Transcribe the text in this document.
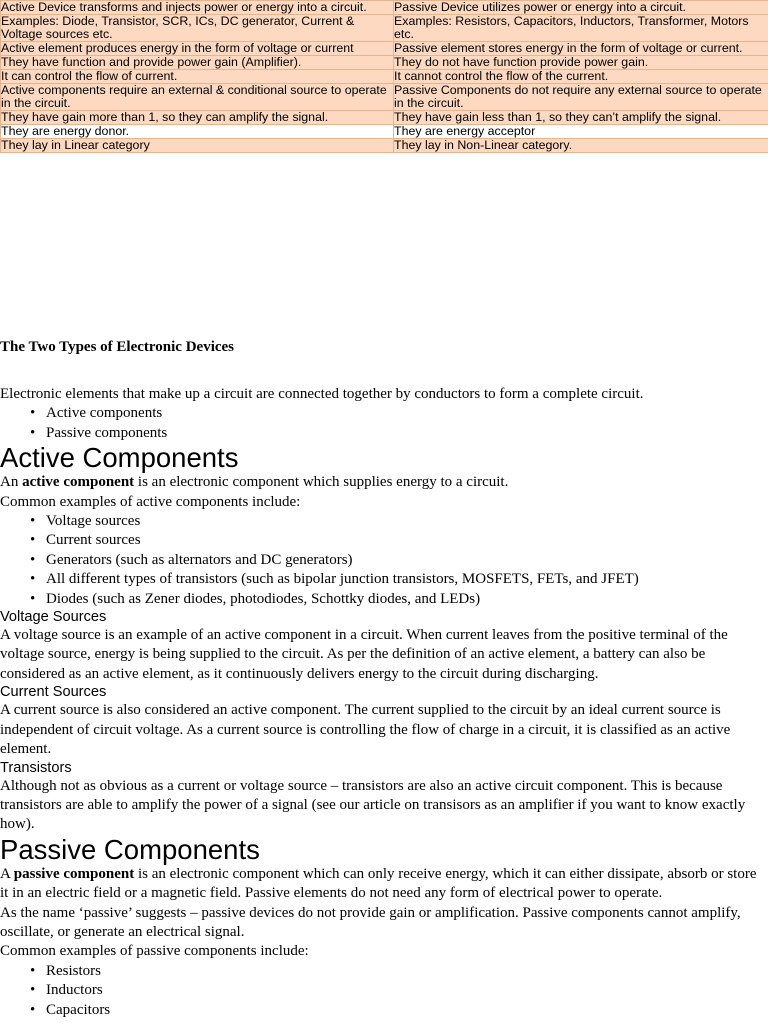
Active Device transforms and injects power or energy into a circuit.	Passive Device utilizes power or energy into a circuit.
Examples: Diode, Transistor, SCR, ICs, DC generator, Current & Voltage sources etc.	Examples: Resistors, Capacitors, Inductors, Transformer, Motors etc.
Active element produces energy in the form of voltage or current	Passive element stores energy in the form of voltage or current.
They have function and provide power gain (Amplifier).	They do not have function provide power gain.
It can control the flow of current.	It cannot control the flow of the current.
Active components require an external & conditional source to operate in the circuit.	Passive Components do not require any external source to operate in the circuit.
They have gain more than 1, so they can amplify the signal.	They have gain less than 1, so they can’t amplify the signal.
They are energy donor.	They are energy acceptor
They lay in Linear category	They lay in Non-Linear category.
The Two Types of Electronic Devices

Electronic elements that make up a circuit are connected together by conductors to form a complete circuit.

• Active components
• Passive components
Active Components

An active component is an electronic component which supplies energy to a circuit.

Common examples of active components include:

• Voltage sources
• Current sources
• Generators (such as alternators and DC generators)
• All different types of transistors (such as bipolar junction transistors, MOSFETS, FETs, and JFET)
• Diodes (such as Zener diodes, photodiodes, Schottky diodes, and LEDs)
Voltage Sources

A voltage source is an example of an active component in a circuit. When current leaves from the positive terminal of the voltage source, energy is being supplied to the circuit. As per the definition of an active element, a battery can also be considered as an active element, as it continuously delivers energy to the circuit during discharging.

Current Sources

A current source is also considered an active component. The current supplied to the circuit by an ideal current source is independent of circuit voltage. As a current source is controlling the flow of charge in a circuit, it is classified as an active element.

Transistors

Although not as obvious as a current or voltage source – transistors are also an active circuit component. This is because transistors are able to amplify the power of a signal (see our article on transisors as an amplifier if you want to know exactly how).

Passive Components

A passive component is an electronic component which can only receive energy, which it can either dissipate, absorb or store it in an electric field or a magnetic field. Passive elements do not need any form of electrical power to operate.

As the name ‘passive’ suggests – passive devices do not provide gain or amplification. Passive components cannot amplify, oscillate, or generate an electrical signal.

Common examples of passive components include:

• Resistors
• Inductors
• Capacitors
